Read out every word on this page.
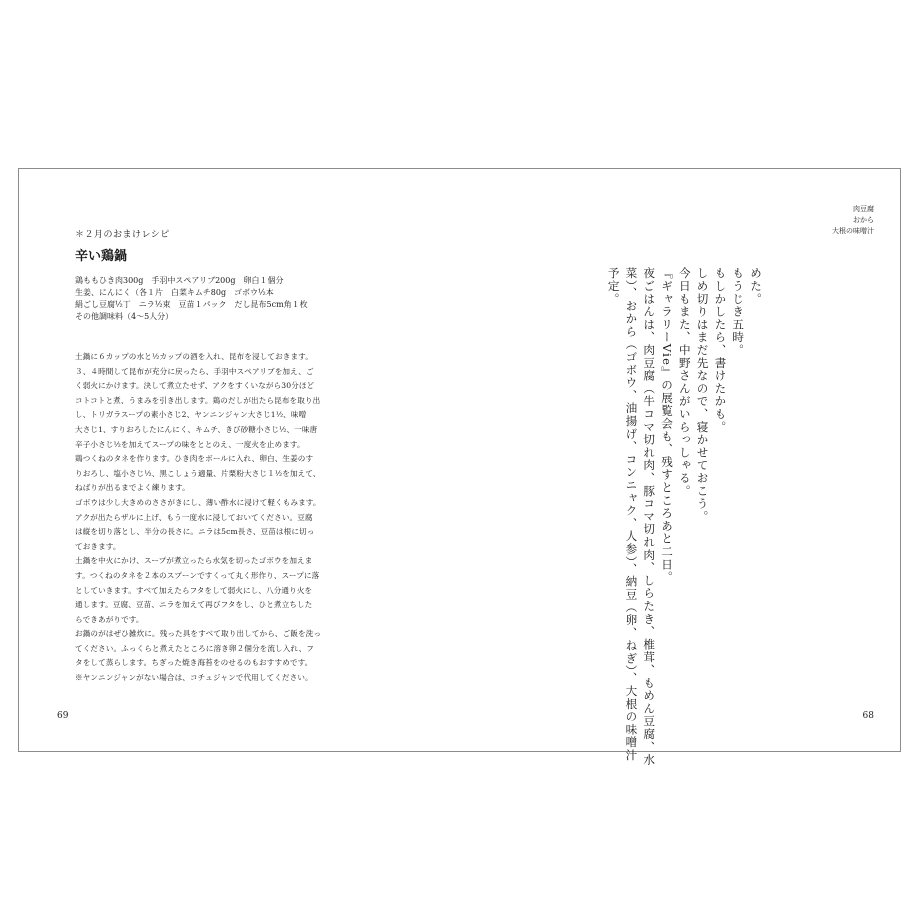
＊２月のおまけレシピ
辛い鶏鍋
鶏ももひき肉300g　手羽中スペアリブ200g　卵白１個分
生姜、にんにく（各１片　白菜キムチ80g　ゴボウ½本
絹ごし豆腐½丁　ニラ½束　豆苗１パック　だし昆布5cm角１枚
その他調味料（4〜5人分）

土鍋に６カップの水と½カップの酒を入れ、昆布を浸しておきます。

３、４時間して昆布が充分に戻ったら、手羽中スペアリブを加え、ご

く弱火にかけます。決して煮立たせず、アクをすくいながら30分ほど

コトコトと煮、うまみを引き出します。鶏のだしが出たら昆布を取り出

し、トリガラスープの素小さじ2、ヤンニンジャン大さじ1½、味噌

大さじ1、すりおろしたにんにく、キムチ、きび砂糖小さじ½、一味唐

辛子小さじ½を加えてスープの味をととのえ、一度火を止めます。

鶏つくねのタネを作ります。ひき肉をボールに入れ、卵白、生姜のす

りおろし、塩小さじ½、黒こしょう適量、片栗粉大さじ１½を加えて、

ねばりが出るまでよく練ります。

ゴボウは少し大きめのささがきにし、薄い酢水に浸けて軽くもみます。

アクが出たらザルに上げ、もう一度水に浸しておいてください。豆腐

は縦を切り落とし、半分の長さに。ニラは5cm長さ、豆苗は根に切っ

ておきます。

土鍋を中火にかけ、スープが煮立ったら水気を切ったゴボウを加えま

す。つくねのタネを２本のスプーンですくって丸く形作り、スープに落

としていきます。すべて加えたらフタをして弱火にし、八分通り火を

通します。豆腐、豆苗、ニラを加えて再びフタをし、ひと煮立ちした

らできあがりです。

お鍋のがはぜひ雑炊に。残った具をすべて取り出してから、ご飯を洗っ

てください。ふっくらと煮えたところに溶き卵２個分を流し入れ、フ

タをして蒸らします。ちぎった焼き海苔をのせるのもおすすめです。

※ヤンニンジャンがない場合は、コチュジャンで代用してください。

69
肉豆腐
おから
大根の味噌汁
めた。
もうじき五時。
もしかしたら、書けたかも。
しめ切りはまだ先なので、寝かせておこう。
今日もまた、中野さんがいらっしゃる。
『ギャラリーVie』の展覧会も、残すところあと二日。
夜ごはんは、肉豆腐（牛コマ切れ肉、豚コマ切れ肉、しらたき、椎茸、もめん豆腐、水
菜）、おから（ゴボウ、油揚げ、コンニャク、人参）、納豆（卵、ねぎ）、大根の味噌汁
予定。
68
